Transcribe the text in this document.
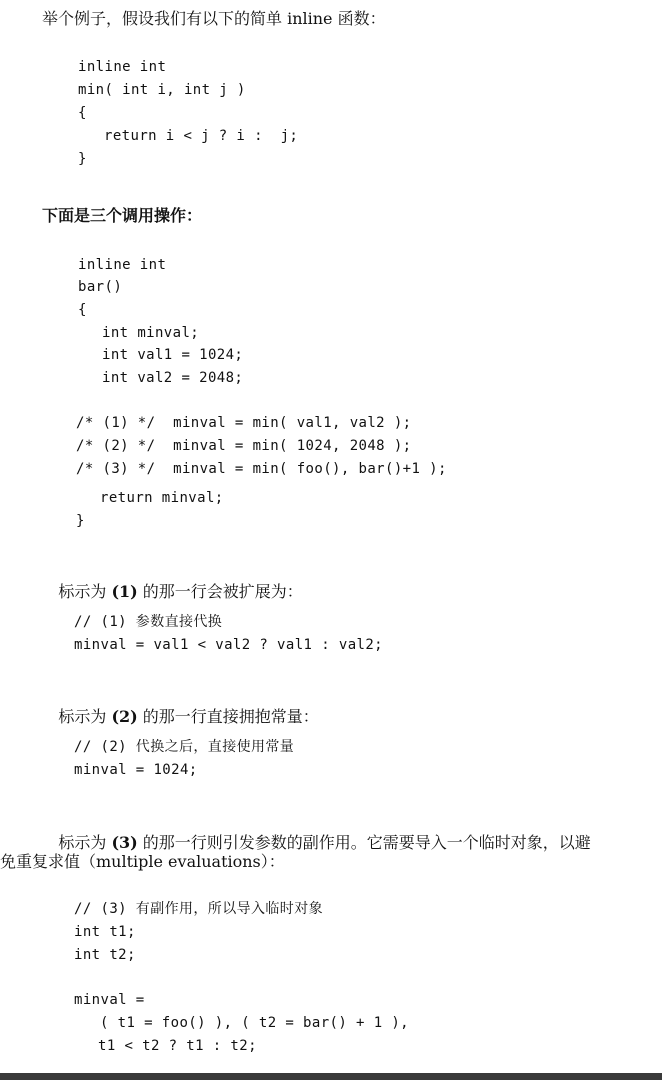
举个例子，假设我们有以下的简单 inline 函数：
inline int
min( int i, int j )
{
return i < j ? i :  j;
}
下面是三个调用操作：
inline int
bar()
{
int minval;
int val1 = 1024;
int val2 = 2048;
/* (1) */  minval = min( val1, val2 );
/* (2) */  minval = min( 1024, 2048 );
/* (3) */  minval = min( foo(), bar()+1 );
return minval;
}

标示为 (1) 的那一行会被扩展为：

// (1) 参数直接代换
minval = val1 < val2 ? val1 : val2;

标示为 (2) 的那一行直接拥抱常量：

// (2) 代换之后，直接使用常量
minval = 1024;

标示为 (3) 的那一行则引发参数的副作用。它需要导入一个临时对象，以避

免重复求值（multiple evaluations）：
// (3) 有副作用，所以导入临时对象
int t1;
int t2;
minval =
( t1 = foo() ), ( t2 = bar() + 1 ),
t1 < t2 ? t1 : t2;
